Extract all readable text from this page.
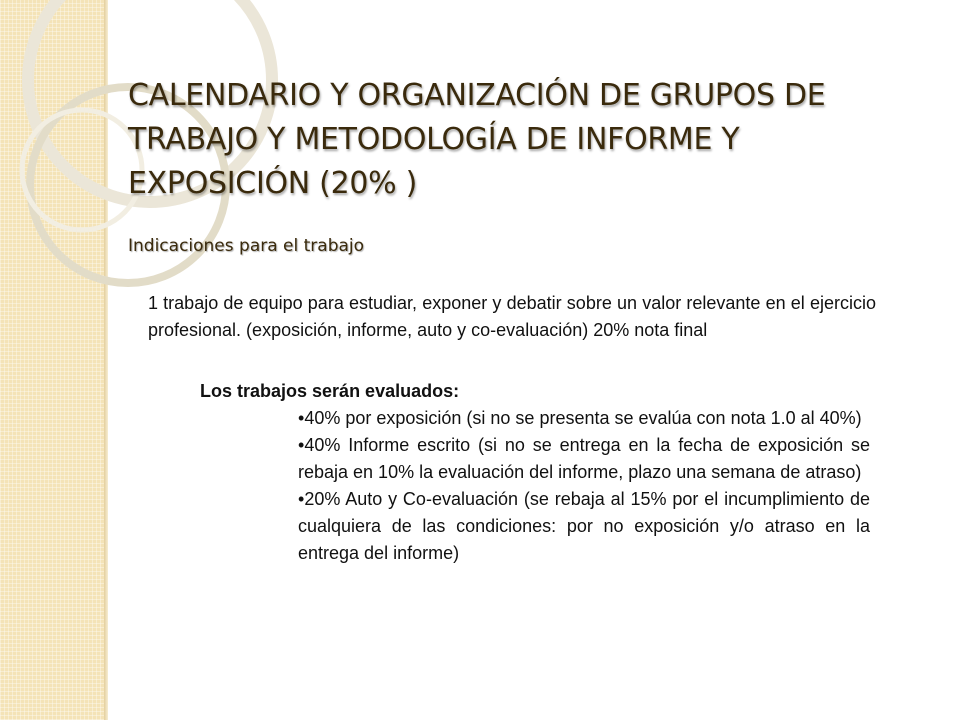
CALENDARIO Y ORGANIZACIÓN DE GRUPOS DE TRABAJO Y METODOLOGÍA DE INFORME Y EXPOSICIÓN (20% )
Indicaciones para el trabajo

1 trabajo de equipo para estudiar, exponer y debatir sobre un valor relevante en el ejercicio profesional. (exposición, informe, auto y co-evaluación) 20% nota final

Los trabajos serán evaluados:
• 40% por exposición (si no se presenta se evalúa con nota 1.0 al 40%)
• 40% Informe escrito (si no se entrega en la fecha de exposición se rebaja en 10% la evaluación del informe, plazo una semana de atraso)
• 20% Auto y Co-evaluación (se rebaja al 15% por el incumplimiento de cualquiera de las condiciones: por no exposición y/o atraso en la entrega del informe)
